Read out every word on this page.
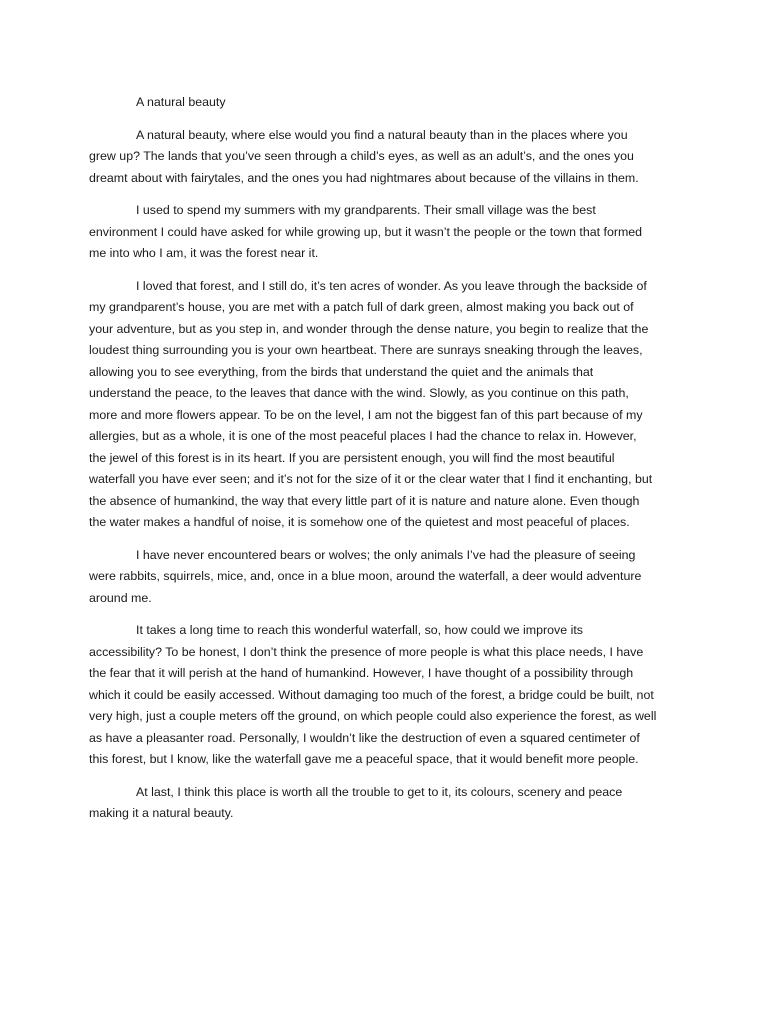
A natural beauty

A natural beauty, where else would you find a natural beauty than in the places where you grew up? The lands that you’ve seen through a child’s eyes, as well as an adult’s, and the ones you dreamt about with fairytales, and the ones you had nightmares about because of the villains in them.

I used to spend my summers with my grandparents. Their small village was the best environment I could have asked for while growing up, but it wasn’t the people or the town that formed me into who I am, it was the forest near it.

I loved that forest, and I still do, it’s ten acres of wonder. As you leave through the backside of my grandparent’s house, you are met with a patch full of dark green, almost making you back out of your adventure, but as you step in, and wonder through the dense nature, you begin to realize that the loudest thing surrounding you is your own heartbeat. There are sunrays sneaking through the leaves, allowing you to see everything, from the birds that understand the quiet and the animals that understand the peace, to the leaves that dance with the wind. Slowly, as you continue on this path, more and more flowers appear. To be on the level, I am not the biggest fan of this part because of my allergies, but as a whole, it is one of the most peaceful places I had the chance to relax in. However, the jewel of this forest is in its heart. If you are persistent enough, you will find the most beautiful waterfall you have ever seen; and it’s not for the size of it or the clear water that I find it enchanting, but the absence of humankind, the way that every little part of it is nature and nature alone. Even though the water makes a handful of noise, it is somehow one of the quietest and most peaceful of places.

I have never encountered bears or wolves; the only animals I’ve had the pleasure of seeing were rabbits, squirrels, mice, and, once in a blue moon, around the waterfall, a deer would adventure around me.

It takes a long time to reach this wonderful waterfall, so, how could we improve its accessibility? To be honest, I don’t think the presence of more people is what this place needs, I have the fear that it will perish at the hand of humankind. However, I have thought of a possibility through which it could be easily accessed. Without damaging too much of the forest, a bridge could be built, not very high, just a couple meters off the ground, on which people could also experience the forest, as well as have a pleasanter road. Personally, I wouldn’t like the destruction of even a squared centimeter of this forest, but I know, like the waterfall gave me a peaceful space, that it would benefit more people.

At last, I think this place is worth all the trouble to get to it, its colours, scenery and peace making it a natural beauty.
